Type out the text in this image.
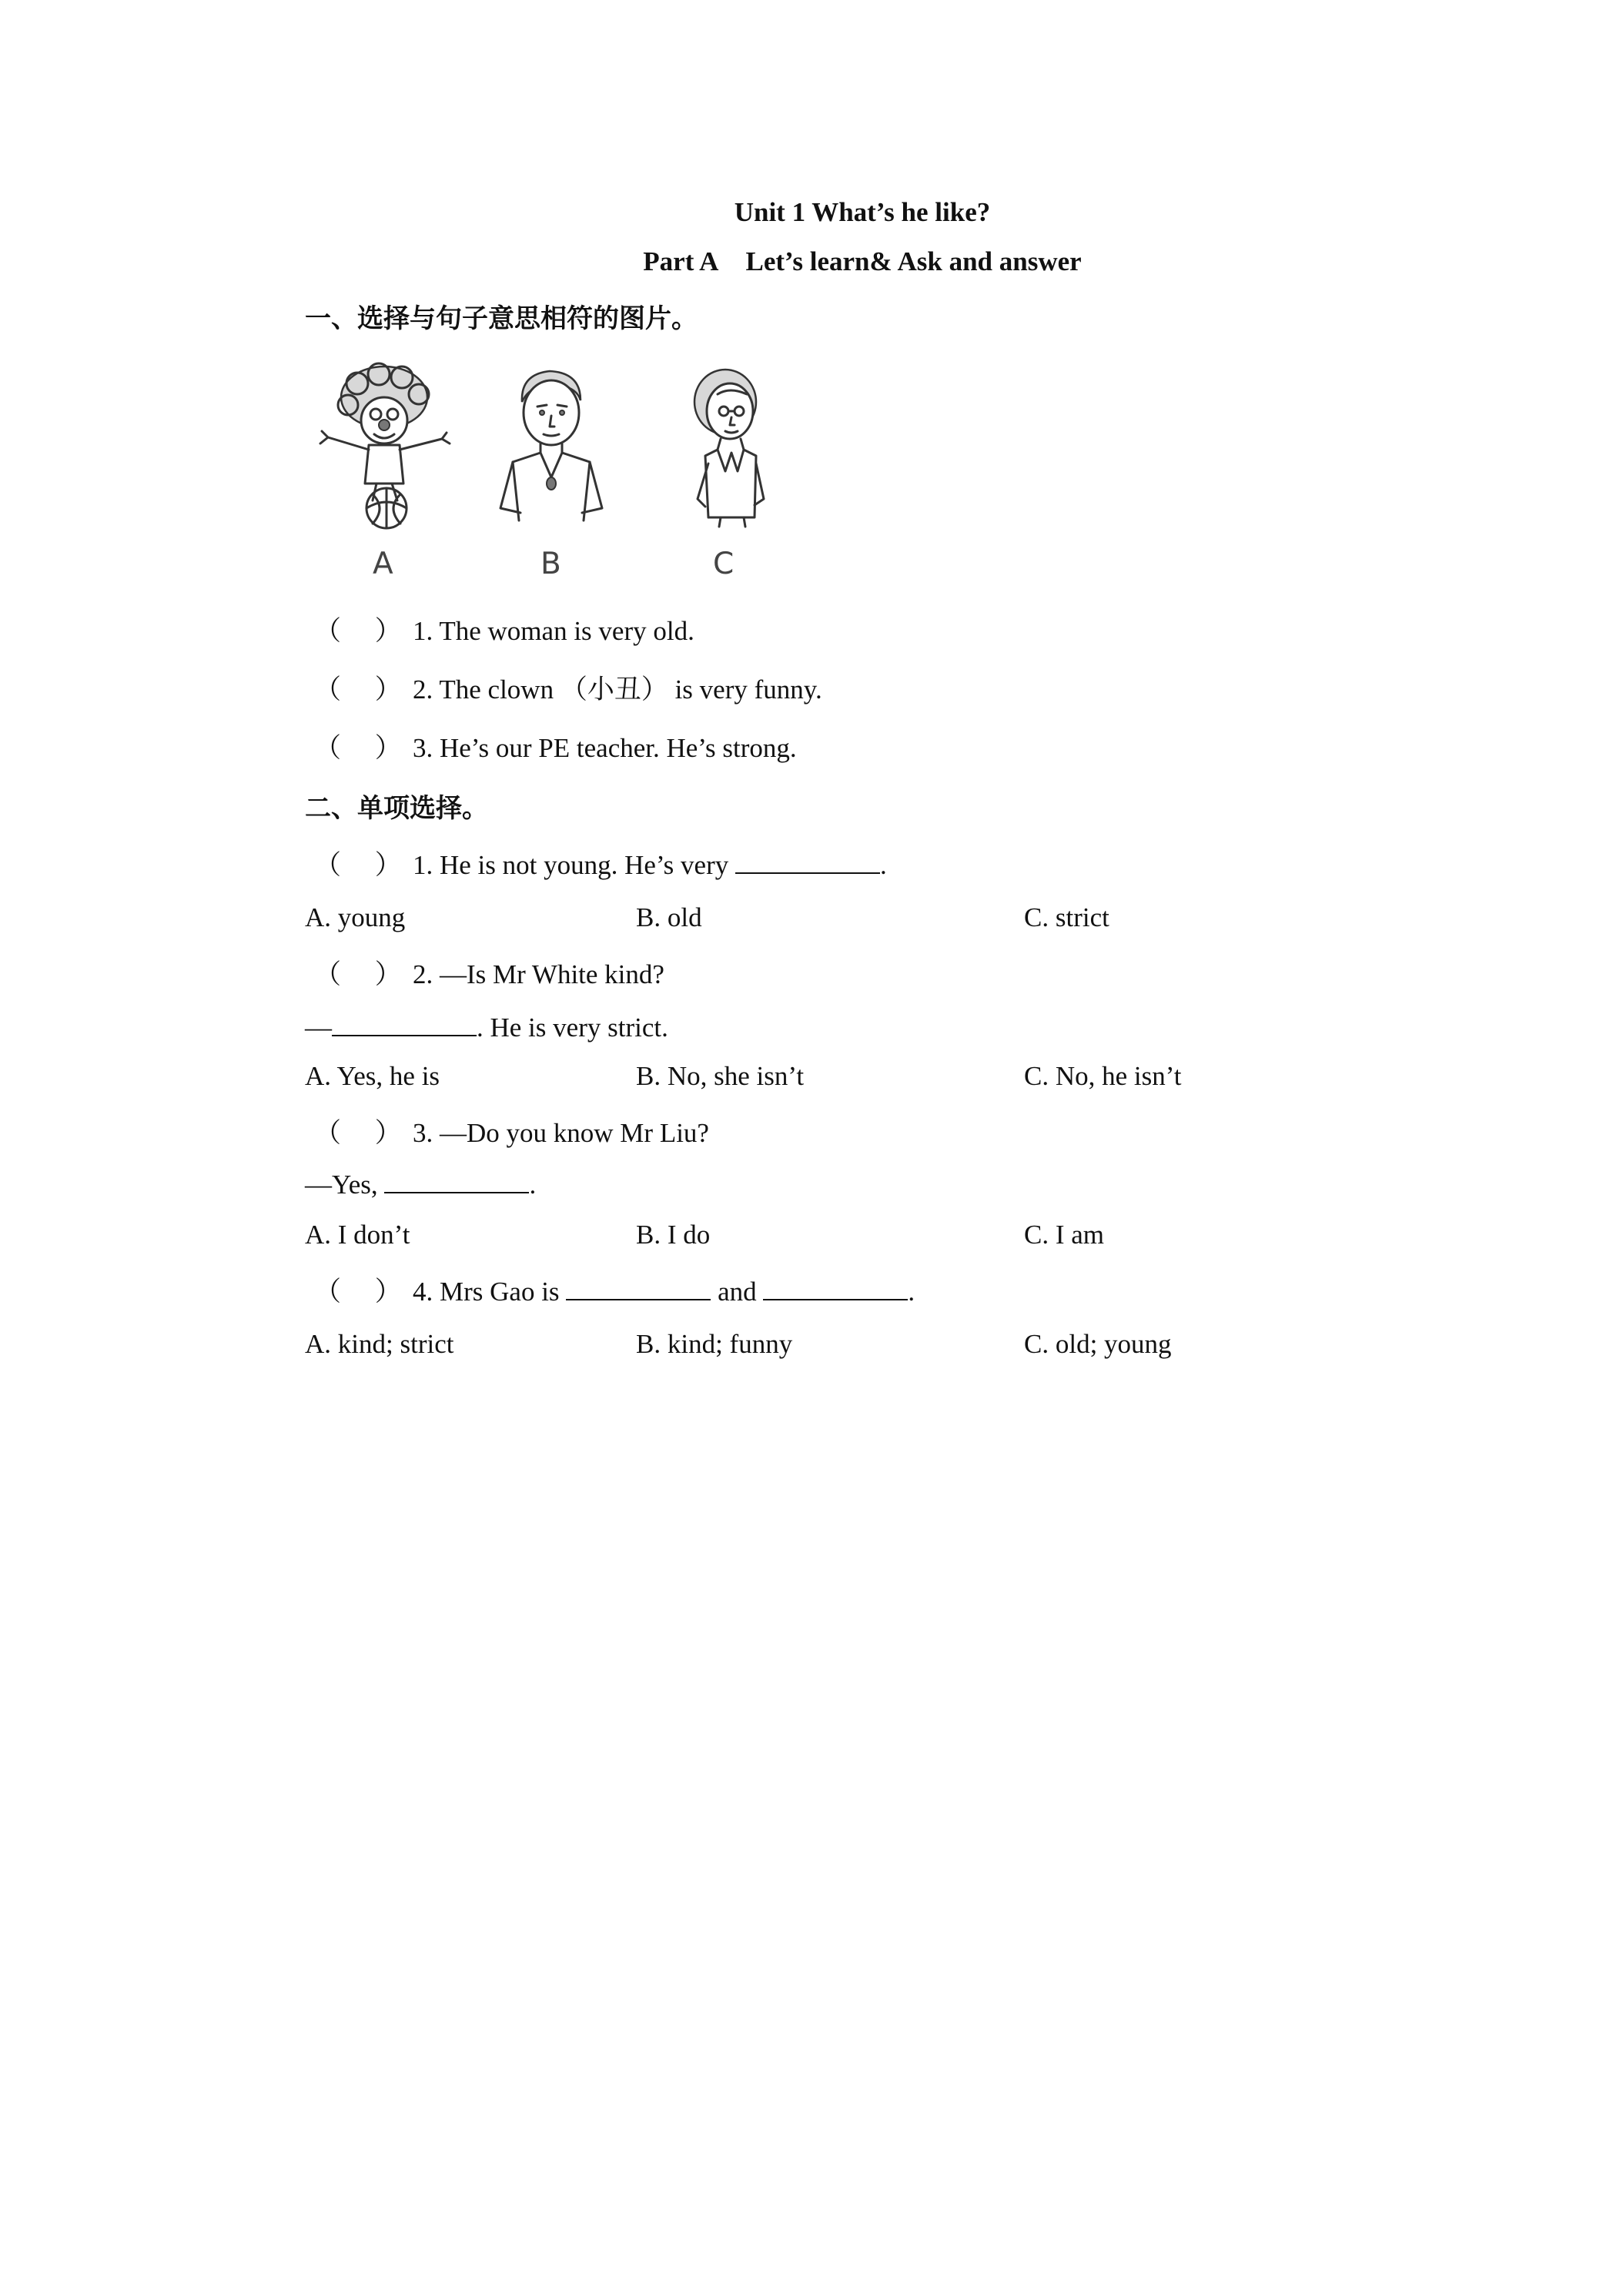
Unit 1 What’s he like?
Part A Let’s learn& Ask and answer
一、选择与句子意思相符的图片。
A	B	C
（ ） 1. The woman is very old.
（ ） 2. The clown （小丑） is very funny.
（ ） 3. He’s our PE teacher. He’s strong.
二、单项选择。
（ ） 1. He is not young. He’s very	.
A. young	B. old	C. strict
（ ） 2. —Is Mr White kind?
—	. He is very strict.
A. Yes, he is	B. No, she isn’t	C. No, he isn’t
（ ） 3. —Do you know Mr Liu?
—Yes,	.
A. I don’t	B. I do	C. I am
（ ） 4. Mrs Gao is	and	.
A. kind; strict	B. kind; funny	C. old; young
